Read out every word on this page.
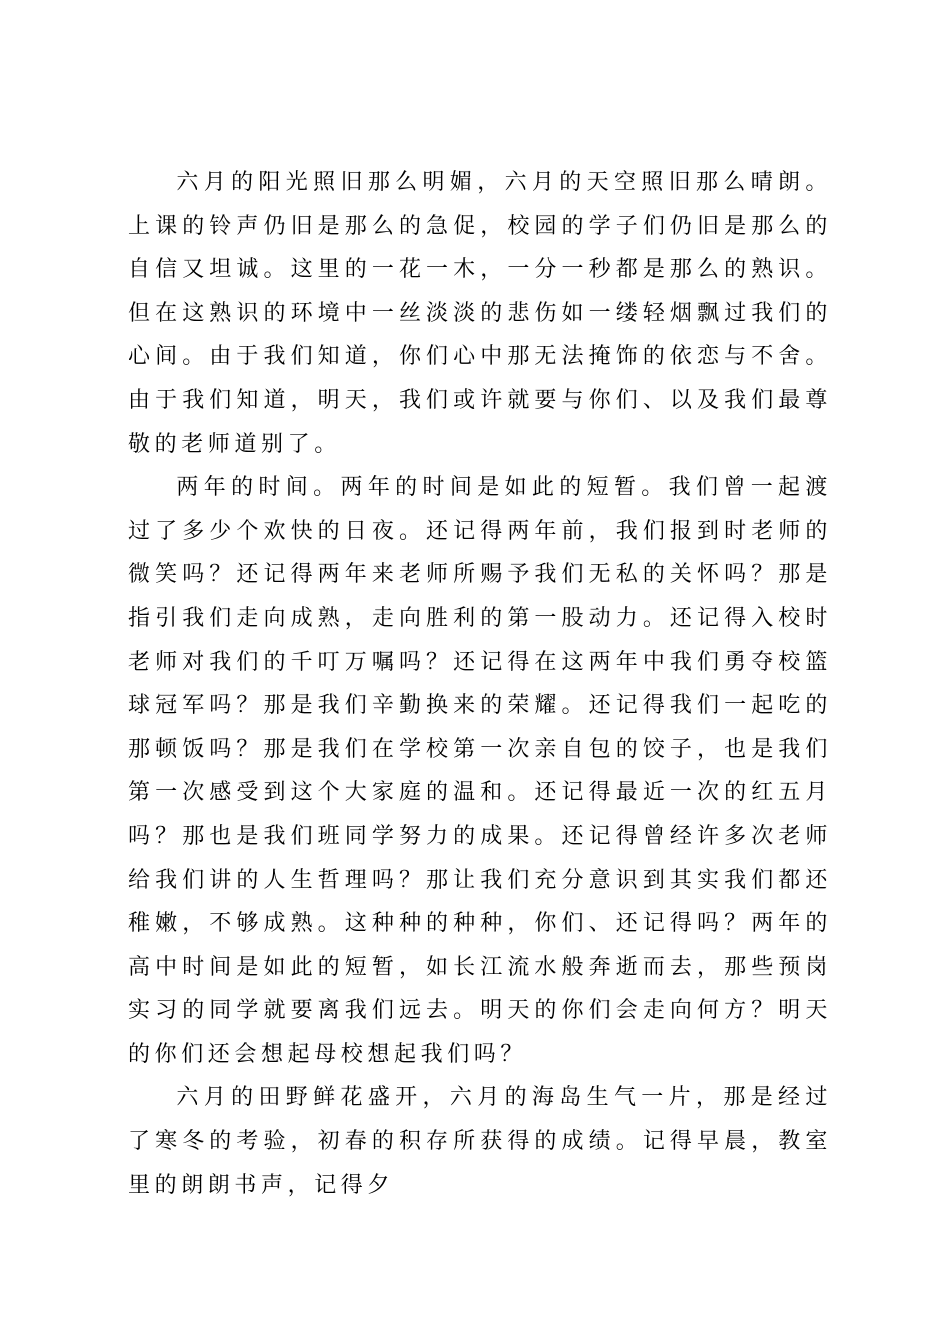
六月的阳光照旧那么明媚，六月的天空照旧那么晴朗。上课的铃声仍旧是那么的急促，校园的学子们仍旧是那么的自信又坦诚。这里的一花一木，一分一秒都是那么的熟识。但在这熟识的环境中一丝淡淡的悲伤如一缕轻烟飘过我们的心间。由于我们知道，你们心中那无法掩饰的依恋与不舍。由于我们知道，明天，我们或许就要与你们、以及我们最尊敬的老师道别了。

两年的时间。两年的时间是如此的短暂。我们曾一起渡过了多少个欢快的日夜。还记得两年前，我们报到时老师的微笑吗？还记得两年来老师所赐予我们无私的关怀吗？那是指引我们走向成熟，走向胜利的第一股动力。还记得入校时老师对我们的千叮万嘱吗？还记得在这两年中我们勇夺校篮球冠军吗？那是我们辛勤换来的荣耀。还记得我们一起吃的那顿饭吗？那是我们在学校第一次亲自包的饺子，也是我们第一次感受到这个大家庭的温和。还记得最近一次的红五月吗？那也是我们班同学努力的成果。还记得曾经许多次老师给我们讲的人生哲理吗？那让我们充分意识到其实我们都还稚嫩，不够成熟。这种种的种种，你们、还记得吗？两年的高中时间是如此的短暂，如长江流水般奔逝而去，那些预岗实习的同学就要离我们远去。明天的你们会走向何方？明天的你们还会想起母校想起我们吗？

六月的田野鲜花盛开，六月的海岛生气一片，那是经过了寒冬的考验，初春的积存所获得的成绩。记得早晨，教室里的朗朗书声，记得夕
